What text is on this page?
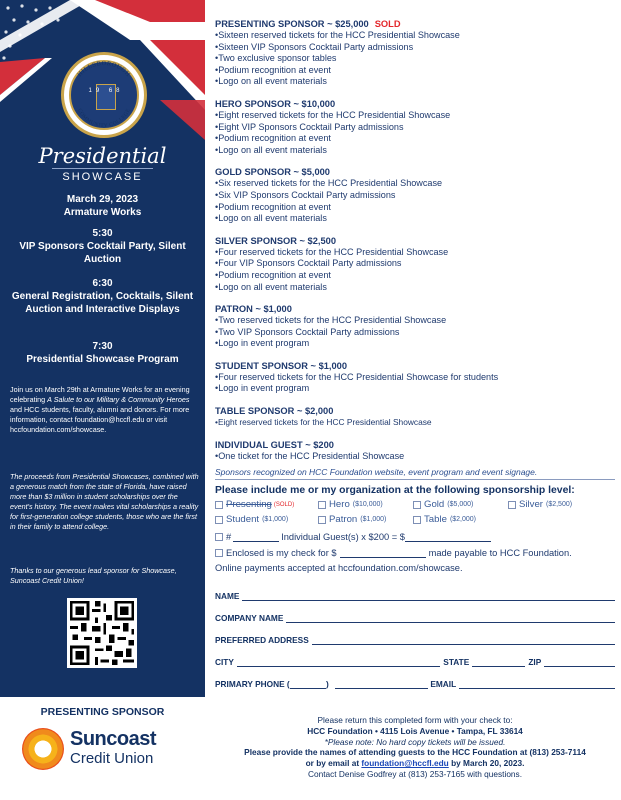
19 68
HILLSBOROUGH
COMMUNITY COLLEGE
Presidential
SHOWCASE
March 29, 2023
Armature Works
5:30
VIP Sponsors Cocktail Party, Silent Auction
6:30
General Registration, Cocktails, Silent Auction and Interactive Displays
7:30
Presidential Showcase Program
Join us on March 29th at Armature Works for an evening celebrating A Salute to our Military & Community Heroes and HCC students, faculty, alumni and donors. For more information, contact foundation@hccfl.edu or visit hccfoundation.com/showcase.
The proceeds from Presidential Showcases, combined with a generous match from the state of Florida, have raised more than $3 million in student scholarships over the event's history. The event makes vital scholarships a reality for first-generation college students, those who are the first in their family to attend college.
Thanks to our generous lead sponsor for Showcase, Suncoast Credit Union!
PRESENTING SPONSOR
Suncoast
Credit Union
PRESENTING SPONSOR ~ $25,000 SOLD
• Sixteen reserved tickets for the HCC Presidential Showcase
• Sixteen VIP Sponsors Cocktail Party admissions
• Two exclusive sponsor tables
• Podium recognition at event
• Logo on all event materials
HERO SPONSOR ~ $10,000
• Eight reserved tickets for the HCC Presidential Showcase
• Eight VIP Sponsors Cocktail Party admissions
• Podium recognition at event
• Logo on all event materials
GOLD SPONSOR ~ $5,000
• Six reserved tickets for the HCC Presidential Showcase
• Six VIP Sponsors Cocktail Party admissions
• Podium recognition at event
• Logo on all event materials
SILVER SPONSOR ~ $2,500
• Four reserved tickets for the HCC Presidential Showcase
• Four VIP Sponsors Cocktail Party admissions
• Podium recognition at event
• Logo on all event materials
PATRON ~ $1,000
• Two reserved tickets for the HCC Presidential Showcase
• Two VIP Sponsors Cocktail Party admissions
• Logo in event program
STUDENT SPONSOR ~ $1,000
• Four reserved tickets for the HCC Presidential Showcase for students
• Logo in event program
TABLE SPONSOR ~ $2,000
• Eight reserved tickets for the HCC Presidential Showcase
INDIVIDUAL GUEST ~ $200
• One ticket for the HCC Presidential Showcase
Sponsors recognized on HCC Foundation website, event program and event signage.
Please include me or my organization at the following sponsorship level:
Presenting (SOLD)	Hero ($10,000)	Gold ($5,000)	Silver ($2,500)
Student ($1,000)	Patron ($1,000)	Table ($2,000)
#	Individual Guest(s) x $200 = $
Enclosed is my check for $	made payable to HCC Foundation.
Online payments accepted at hccfoundation.com/showcase.
NAME
COMPANY NAME
PREFERRED ADDRESS
CITY	STATE	ZIP
PRIMARY PHONE (	)	EMAIL
Please return this completed form with your check to:
HCC Foundation • 4115 Lois Avenue • Tampa, FL 33614
*Please note: No hard copy tickets will be issued.
Please provide the names of attending guests to the HCC Foundation at (813) 253-7114
or by email at foundation@hccfl.edu by March 20, 2023.
Contact Denise Godfrey at (813) 253-7165 with questions.
